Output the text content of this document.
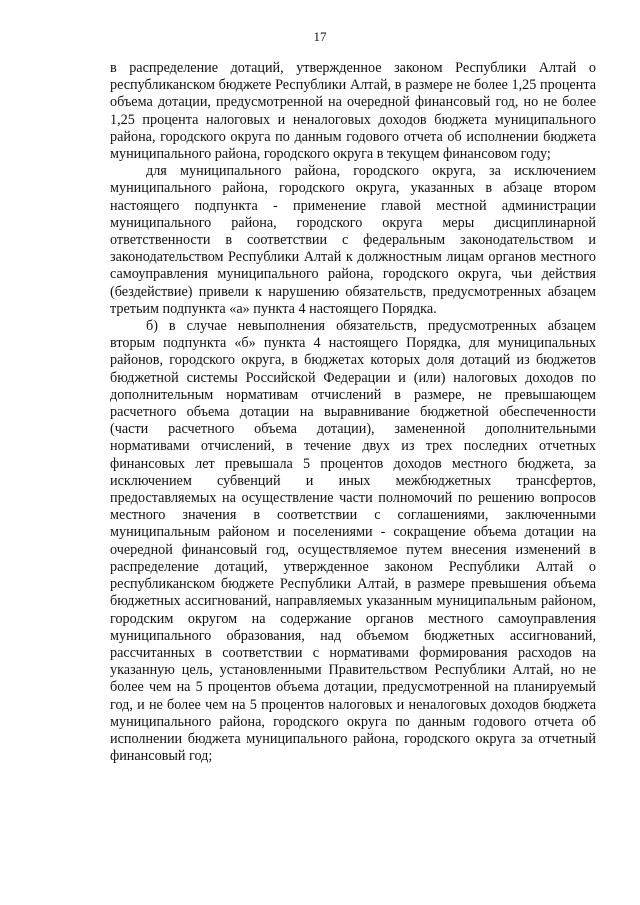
17

в распределение дотаций, утвержденное законом Республики Алтай о республиканском бюджете Республики Алтай, в размере не более 1,25 процента объема дотации, предусмотренной на очередной финансовый год, но не более 1,25 процента налоговых и неналоговых доходов бюджета муниципального района, городского округа по данным годового отчета об исполнении бюджета муниципального района, городского округа в текущем финансовом году;

для муниципального района, городского округа, за исключением муниципального района, городского округа, указанных в абзаце втором настоящего подпункта - применение главой местной администрации муниципального района, городского округа меры дисциплинарной ответственности в соответствии с федеральным законодательством и законодательством Республики Алтай к должностным лицам органов местного самоуправления муниципального района, городского округа, чьи действия (бездействие) привели к нарушению обязательств, предусмотренных абзацем третьим подпункта «а» пункта 4 настоящего Порядка.

б) в случае невыполнения обязательств, предусмотренных абзацем вторым подпункта «б» пункта 4 настоящего Порядка, для муниципальных районов, городского округа, в бюджетах которых доля дотаций из бюджетов бюджетной системы Российской Федерации и (или) налоговых доходов по дополнительным нормативам отчислений в размере, не превышающем расчетного объема дотации на выравнивание бюджетной обеспеченности (части расчетного объема дотации), замененной дополнительными нормативами отчислений, в течение двух из трех последних отчетных финансовых лет превышала 5 процентов доходов местного бюджета, за исключением субвенций и иных межбюджетных трансфертов, предоставляемых на осуществление части полномочий по решению вопросов местного значения в соответствии с соглашениями, заключенными муниципальным районом и поселениями - сокращение объема дотации на очередной финансовый год, осуществляемое путем внесения изменений в распределение дотаций, утвержденное законом Республики Алтай о республиканском бюджете Республики Алтай, в размере превышения объема бюджетных ассигнований, направляемых указанным муниципальным районом, городским округом на содержание органов местного самоуправления муниципального образования, над объемом бюджетных ассигнований, рассчитанных в соответствии с нормативами формирования расходов на указанную цель, установленными Правительством Республики Алтай, но не более чем на 5 процентов объема дотации, предусмотренной на планируемый год, и не более чем на 5 процентов налоговых и неналоговых доходов бюджета муниципального района, городского округа по данным годового отчета об исполнении бюджета муниципального района, городского округа за отчетный финансовый год;
